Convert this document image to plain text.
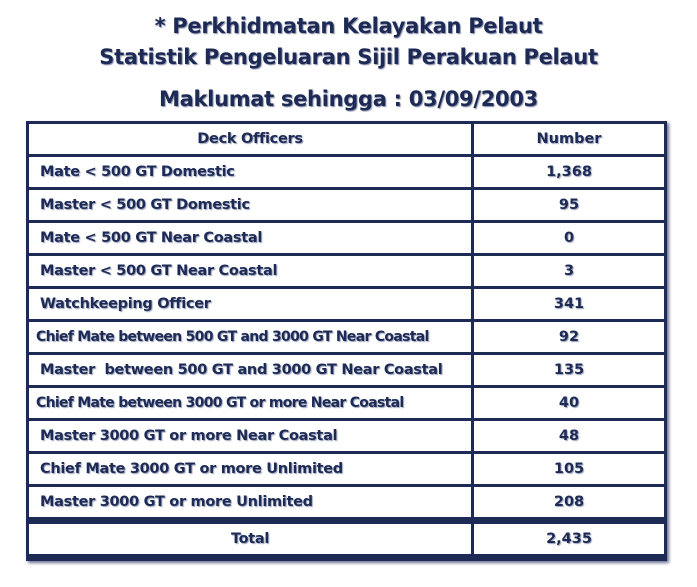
* Perkhidmatan Kelayakan Pelaut
Statistik Pengeluaran Sijil Perakuan Pelaut
Maklumat sehingga : 03/09/2003
Deck Officers	Number
Mate < 500 GT Domestic	1,368
Master < 500 GT Domestic	95
Mate < 500 GT Near Coastal	0
Master < 500 GT Near Coastal	3
Watchkeeping Officer	341
Chief Mate between 500 GT and 3000 GT Near Coastal	92
Master  between 500 GT and 3000 GT Near Coastal	135
Chief Mate between 3000 GT or more Near Coastal	40
Master 3000 GT or more Near Coastal	48
Chief Mate 3000 GT or more Unlimited	105
Master 3000 GT or more Unlimited	208
Total	2,435
